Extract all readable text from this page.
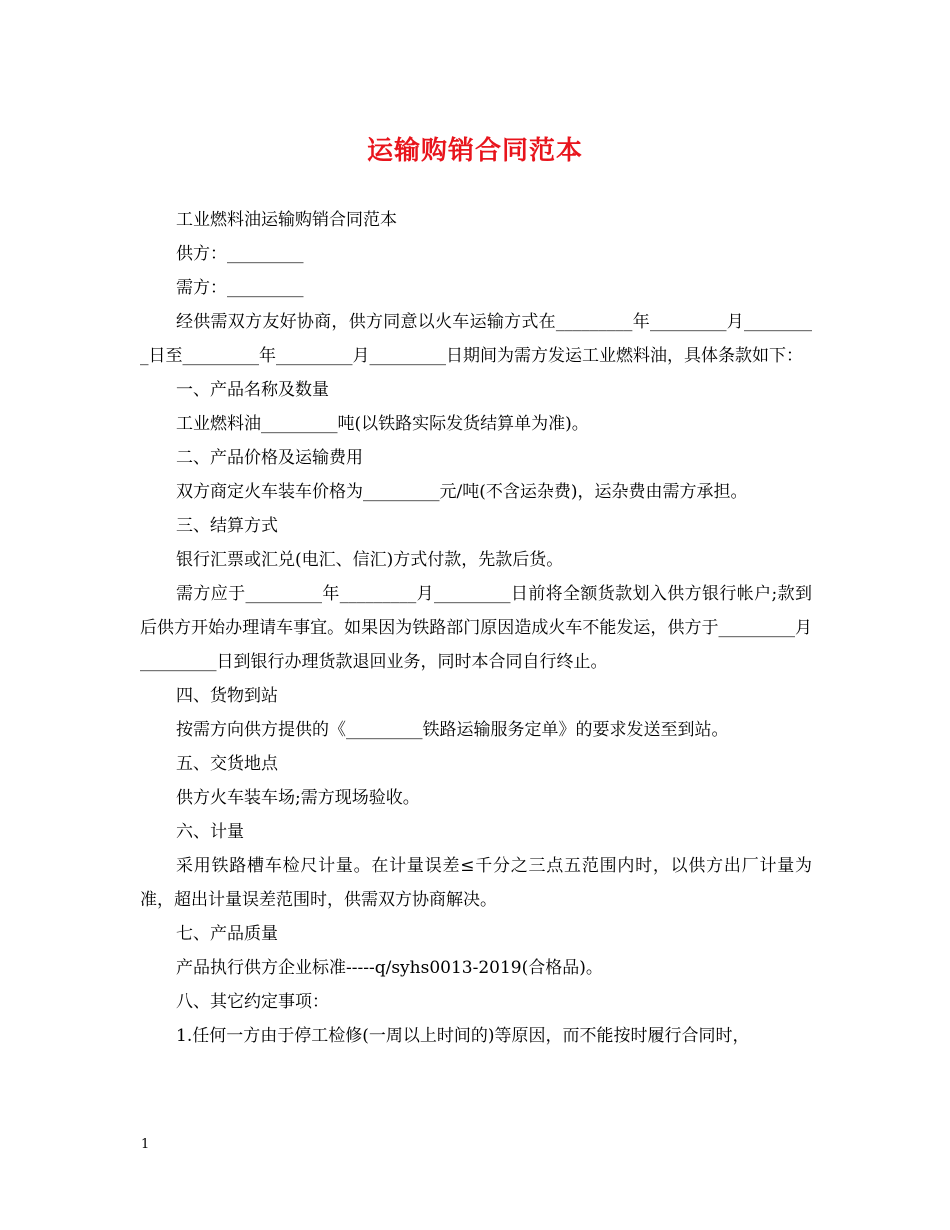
运输购销合同范本

工业燃料油运输购销合同范本

供方：_________

需方：_________

经供需双方友好协商，供方同意以火车运输方式在_________年_________月_________日至_________年_________月_________日期间为需方发运工业燃料油，具体条款如下：

一、产品名称及数量

工业燃料油_________吨(以铁路实际发货结算单为准)。

二、产品价格及运输费用

双方商定火车装车价格为_________元/吨(不含运杂费)，运杂费由需方承担。

三、结算方式

银行汇票或汇兑(电汇、信汇)方式付款，先款后货。

需方应于_________年_________月_________日前将全额货款划入供方银行帐户;款到后供方开始办理请车事宜。如果因为铁路部门原因造成火车不能发运，供方于_________月_________日到银行办理货款退回业务，同时本合同自行终止。

四、货物到站

按需方向供方提供的《_________铁路运输服务定单》的要求发送至到站。

五、交货地点

供方火车装车场;需方现场验收。

六、计量

采用铁路槽车检尺计量。在计量误差≤千分之三点五范围内时，以供方出厂计量为准，超出计量误差范围时，供需双方协商解决。

七、产品质量

产品执行供方企业标准-----q/syhs0013-2019(合格品)。

八、其它约定事项：

1.任何一方由于停工检修(一周以上时间的)等原因，而不能按时履行合同时，

1
